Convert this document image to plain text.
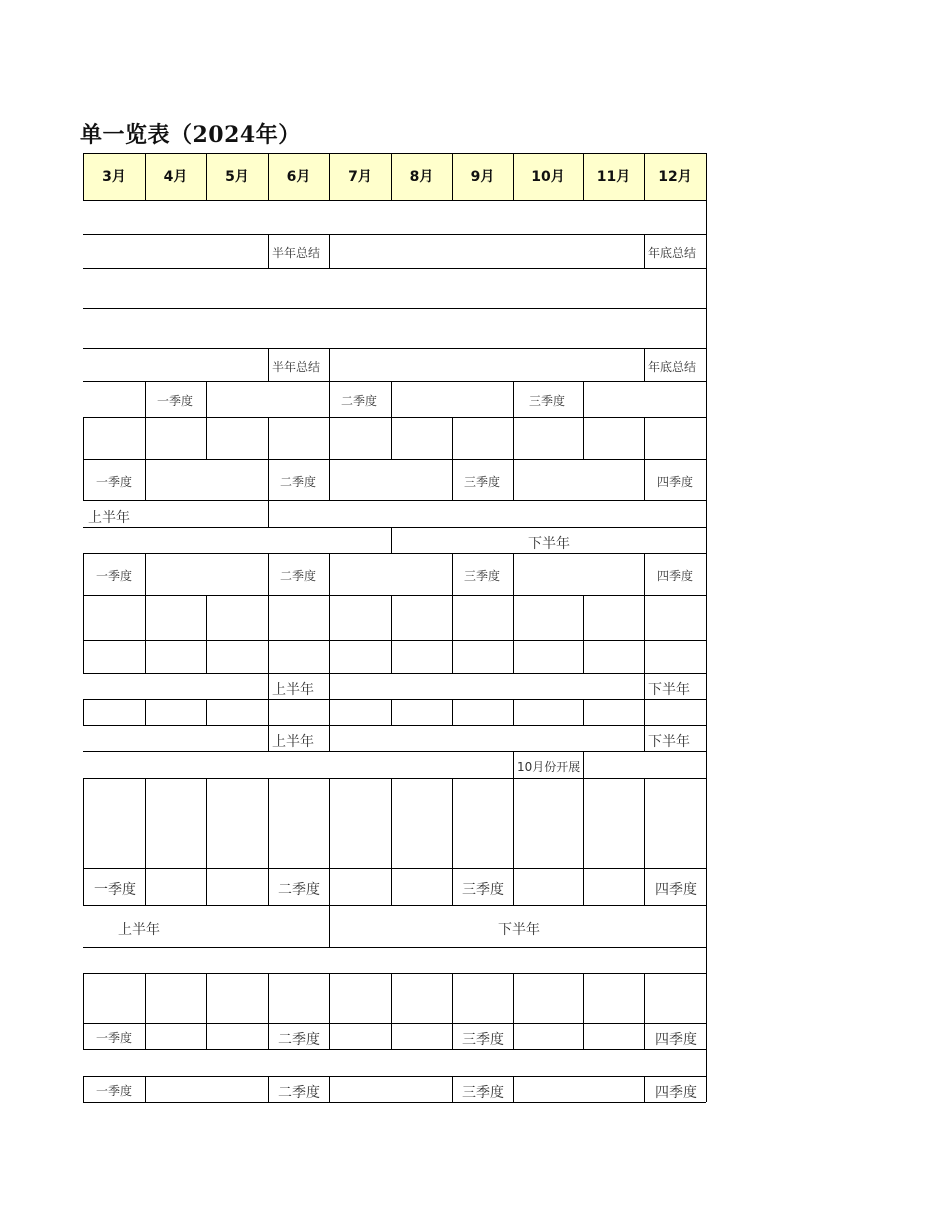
单一览表（2024年）
3月	4月	5月	6月	7月	8月	9月	10月	11月	12月
半年总结	年底总结
半年总结	年底总结
一季度	二季度	三季度
一季度	二季度	三季度	四季度
上半年
下半年
一季度	二季度	三季度	四季度
上半年	下半年
上半年	下半年
10月份开展
一季度	二季度	三季度	四季度
上半年	下半年
一季度	二季度	三季度	四季度
一季度	二季度	三季度	四季度
